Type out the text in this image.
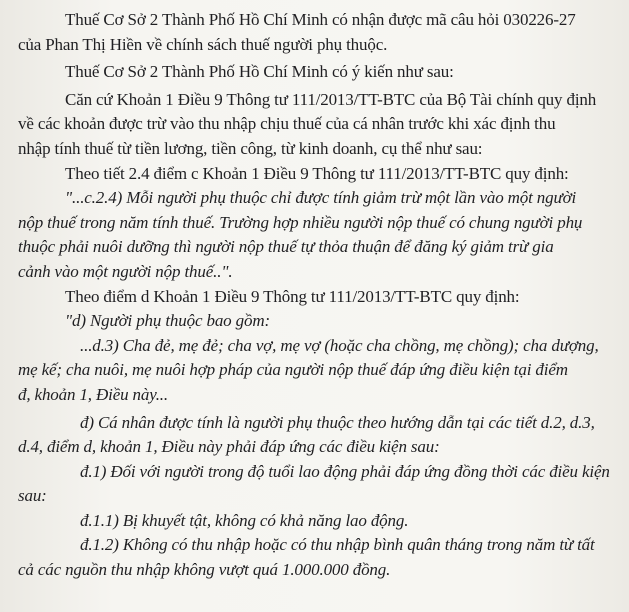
Thuế Cơ Sở 2 Thành Phố Hồ Chí Minh có nhận được mã câu hỏi 030226-27

của Phan Thị Hiền về chính sách thuế người phụ thuộc.

Thuế Cơ Sở 2 Thành Phố Hồ Chí Minh có ý kiến như sau:

Căn cứ Khoản 1 Điều 9 Thông tư 111/2013/TT-BTC của Bộ Tài chính quy định

về các khoản được trừ vào thu nhập chịu thuế của cá nhân trước khi xác định thu

nhập tính thuế từ tiền lương, tiền công, từ kinh doanh, cụ thể như sau:

Theo tiết 2.4 điểm c Khoản 1 Điều 9 Thông tư 111/2013/TT-BTC quy định:

"...c.2.4) Mỗi người phụ thuộc chỉ được tính giảm trừ một lần vào một người

nộp thuế trong năm tính thuế. Trường hợp nhiều người nộp thuế có chung người phụ

thuộc phải nuôi dưỡng thì người nộp thuế tự thỏa thuận để đăng ký giảm trừ gia

cảnh vào một người nộp thuế..".

Theo điểm d Khoản 1 Điều 9 Thông tư 111/2013/TT-BTC quy định:

"d) Người phụ thuộc bao gồm:

...d.3) Cha đẻ, mẹ đẻ; cha vợ, mẹ vợ (hoặc cha chồng, mẹ chồng); cha dượng,

mẹ kế; cha nuôi, mẹ nuôi hợp pháp của người nộp thuế đáp ứng điều kiện tại điểm

đ, khoản 1, Điều này...

đ) Cá nhân được tính là người phụ thuộc theo hướng dẫn tại các tiết d.2, d.3,

d.4, điểm d, khoản 1, Điều này phải đáp ứng các điều kiện sau:

đ.1) Đối với người trong độ tuổi lao động phải đáp ứng đồng thời các điều kiện

sau:

đ.1.1) Bị khuyết tật, không có khả năng lao động.

đ.1.2) Không có thu nhập hoặc có thu nhập bình quân tháng trong năm từ tất

cả các nguồn thu nhập không vượt quá 1.000.000 đồng.
